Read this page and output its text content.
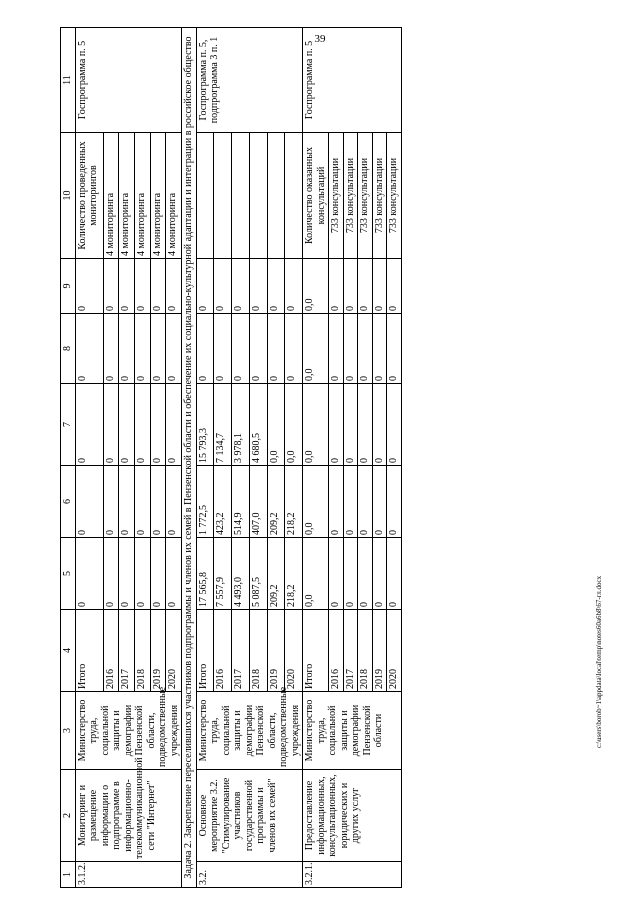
39
1	2	3	4	5	6	7	8	9	10	11
3.1.2.	Мониторинг и размещение информации о подпрограмме в информационно-телекоммуникационной сети "Интернет"	Министерство труда, социальной защиты и демографии Пензенской области, подведомственные учреждения	Итого	0	0	0	0	0	Количество проведенных мониторингов	Госпрограмма п. 5
			2016	0	0	0	0	0	4 мониторинга	
			2017	0	0	0	0	0	4 мониторинга	
			2018	0	0	0	0	0	4 мониторинга	
			2019	0	0	0	0	0	4 мониторинга	
			2020	0	0	0	0	0	4 мониторинга	
Задача 2. Закрепление переселившихся участников подпрограммы и членов их семей в Пензенской области и обеспечение их социально-культурной адаптации и интеграции в российское общество										
3.2.	Основное мероприятие 3.2. "Стимулирование участников государственной программы и членов их семей"	Министерство труда, социальной защиты и демографии Пензенской области, подведомственные учреждения	Итого	17 565,8	1 772,5	15 793,3	0	0		Госпрограмма п. 5, подпрограмма 3 п. 1
			2016	7 557,9	423,2	7 134,7	0	0		
			2017	4 493,0	514,9	3 978,1	0	0		
			2018	5 087,5	407,0	4 680,5	0	0		
			2019	209,2	209,2	0,0	0	0		
			2020	218,2	218,2	0,0	0	0		
3.2.1.	Предоставление информационных, консультационных, юридических и других услуг	Министерство труда, социальной защиты и демографии Пензенской области	Итого	0,0	0,0	0,0	0,0	0,0	Количество оказанных консультаций	Госпрограмма п. 5
			2016	0	0	0	0	0	733 консультации	
			2017	0	0	0	0	0	733 консультации	
			2018	0	0	0	0	0	733 консультации	
			2019	0	0	0	0	0	733 консультации	
			2020	0	0	0	0	0	733 консультации	
c:\users\borob~1\appdata\local\temp\notes60a6b8\67-гл.docx
